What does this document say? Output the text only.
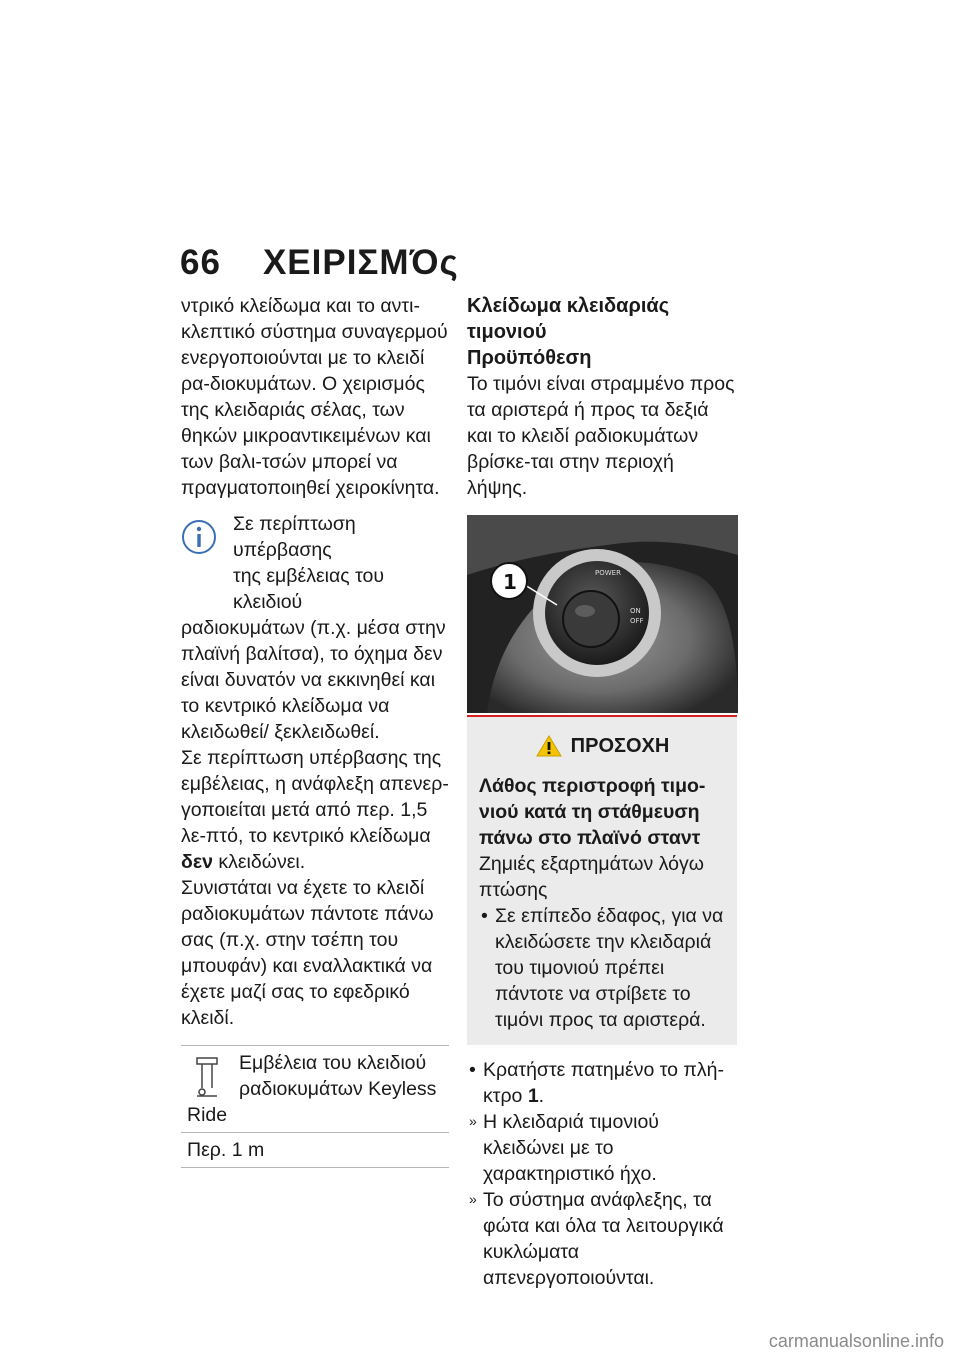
66 ΧΕΙΡΙΣΜΌς

ντρικό κλείδωμα και το αντι-κλεπτικό σύστημα συναγερμού ενεργοποιούνται με το κλειδί ρα-διοκυμάτων. Ο χειρισμός της κλειδαριάς σέλας, των θηκών μικροαντικειμένων και των βαλι-τσών μπορεί να πραγματοποιηθεί χειροκίνητα.

Σε περίπτωση υπέρβασης

της εμβέλειας του κλειδιού

ραδιοκυμάτων (π.χ. μέσα στην πλαϊνή βαλίτσα), το όχημα δεν είναι δυνατόν να εκκινηθεί και το κεντρικό κλείδωμα να κλειδωθεί/ ξεκλειδωθεί.

Σε περίπτωση υπέρβασης της εμβέλειας, η ανάφλεξη απενερ-γοποιείται μετά από περ. 1,5 λε-πτό, το κεντρικό κλείδωμα δεν κλειδώνει.

Συνιστάται να έχετε το κλειδί ραδιοκυμάτων πάντοτε πάνω σας (π.χ. στην τσέπη του μπουφάν) και εναλλακτικά να έχετε μαζί σας το εφεδρικό κλειδί.

Εμβέλεια του κλειδιού

ραδιοκυμάτων Keyless

Ride

Περ. 1 m
Κλείδωμα κλειδαριάς τιμονιού
Προϋπόθεση

Το τιμόνι είναι στραμμένο προς τα αριστερά ή προς τα δεξιά και το κλειδί ραδιοκυμάτων βρίσκε-ται στην περιοχή λήψης.

POWER
ON
OFF
1
ΠΡΟΣΟΧΗ

Λάθος περιστροφή τιμο-νιού κατά τη στάθμευση πάνω στο πλαϊνό σταντ

Ζημιές εξαρτημάτων λόγω πτώσης

• Σε επίπεδο έδαφος, για να κλειδώσετε την κλειδαριά του τιμονιού πρέπει πάντοτε να στρίβετε το τιμόνι προς τα αριστερά.

• Κρατήστε πατημένο το πλή-κτρο 1.

» Η κλειδαριά τιμονιού κλειδώνει με το χαρακτηριστικό ήχο.

» Το σύστημα ανάφλεξης, τα φώτα και όλα τα λειτουργικά κυκλώματα απενεργοποιούνται.

carmanualsonline.info
